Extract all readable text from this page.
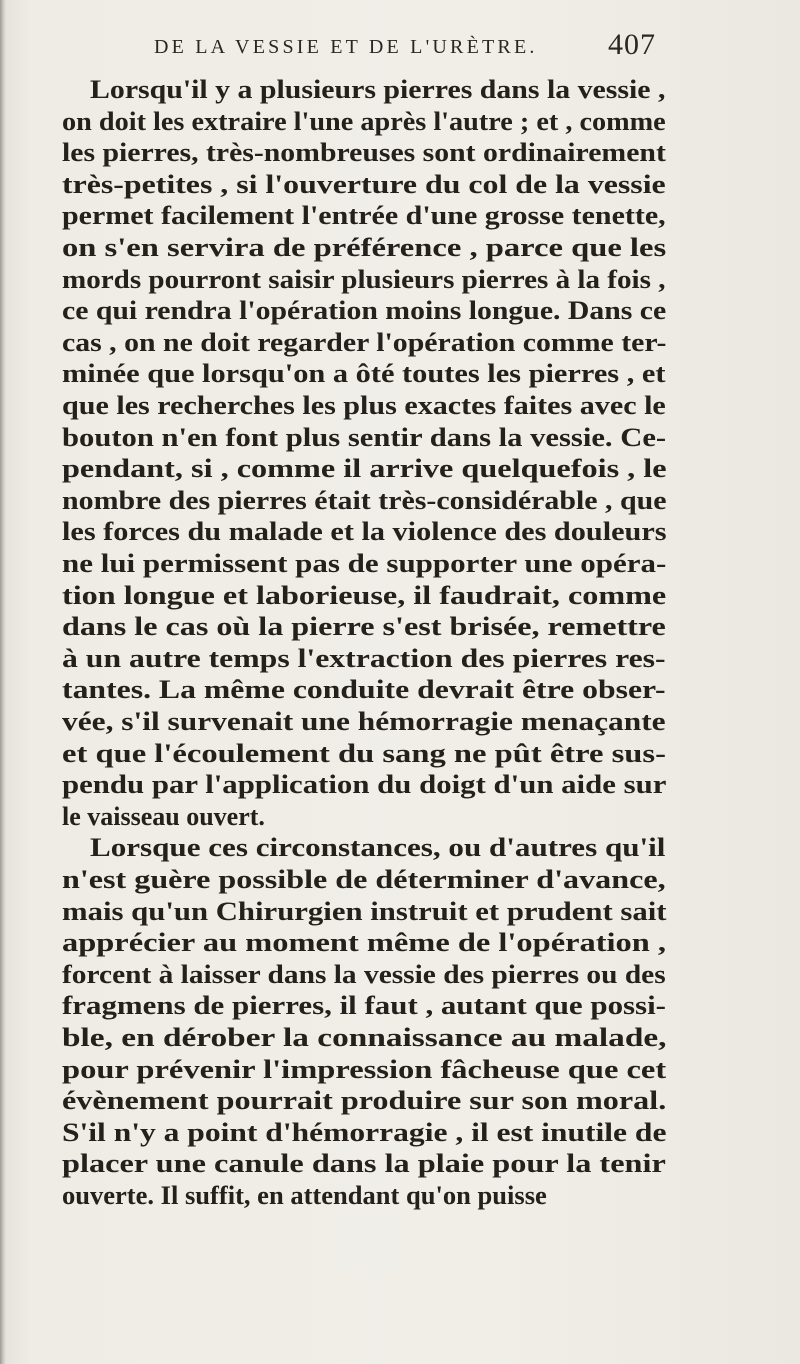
DE LA VESSIE ET DE L'URÈTRE. 407
Lorsqu'il y a plusieurs pierres dans la vessie ,
on doit les extraire l'une après l'autre ; et , comme
les pierres, très-nombreuses sont ordinairement
très-petites , si l'ouverture du col de la vessie
permet facilement l'entrée d'une grosse tenette,
on s'en servira de préférence , parce que les
mords pourront saisir plusieurs pierres à la fois ,
ce qui rendra l'opération moins longue. Dans ce
cas , on ne doit regarder l'opération comme ter-
minée que lorsqu'on a ôté toutes les pierres , et
que les recherches les plus exactes faites avec le
bouton n'en font plus sentir dans la vessie. Ce-
pendant, si , comme il arrive quelquefois , le
nombre des pierres était très-considérable , que
les forces du malade et la violence des douleurs
ne lui permissent pas de supporter une opéra-
tion longue et laborieuse, il faudrait, comme
dans le cas où la pierre s'est brisée, remettre
à un autre temps l'extraction des pierres res-
tantes. La même conduite devrait être obser-
vée, s'il survenait une hémorragie menaçante
et que l'écoulement du sang ne pût être sus-
pendu par l'application du doigt d'un aide sur
le vaisseau ouvert.
Lorsque ces circonstances, ou d'autres qu'il
n'est guère possible de déterminer d'avance,
mais qu'un Chirurgien instruit et prudent sait
apprécier au moment même de l'opération ,
forcent à laisser dans la vessie des pierres ou des
fragmens de pierres, il faut , autant que possi-
ble, en dérober la connaissance au malade,
pour prévenir l'impression fâcheuse que cet
évènement pourrait produire sur son moral.
S'il n'y a point d'hémorragie , il est inutile de
placer une canule dans la plaie pour la tenir
ouverte. Il suffit, en attendant qu'on puisse
